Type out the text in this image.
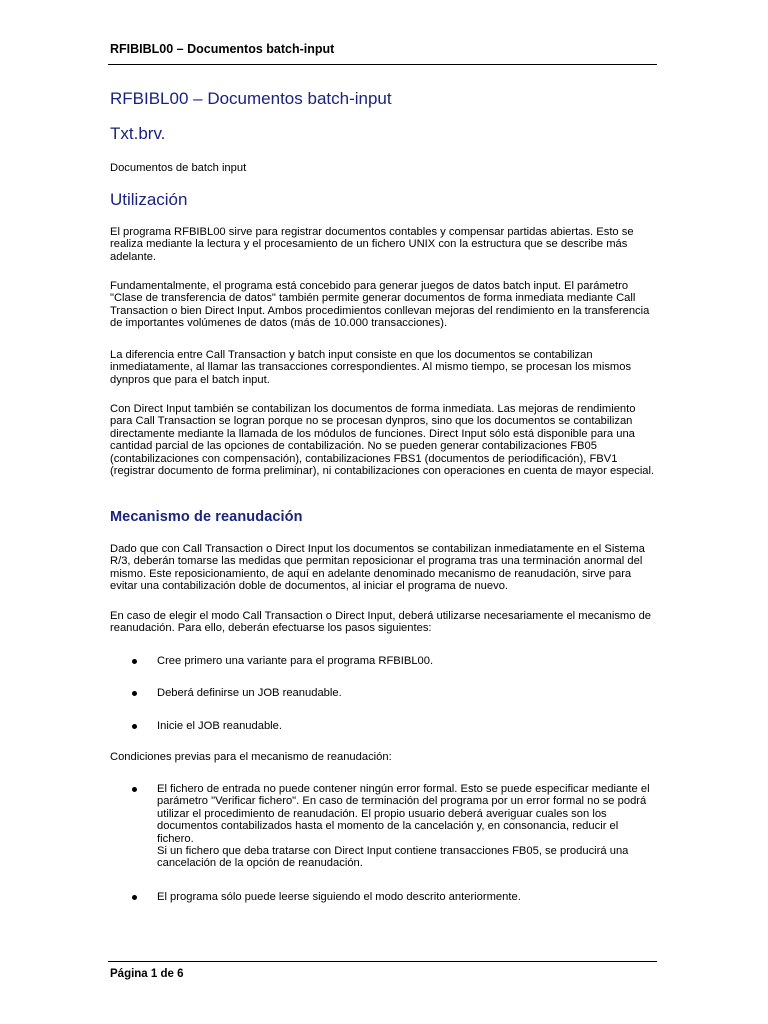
RFIBIBL00 – Documentos batch-input
RFBIBL00 – Documentos batch-input
Txt.brv.

Documentos de batch input

Utilización

El programa RFBIBL00 sirve para registrar documentos contables y compensar partidas abiertas. Esto se realiza mediante la lectura y el procesamiento de un fichero UNIX con la estructura que se describe más adelante.

Fundamentalmente, el programa está concebido para generar juegos de datos batch input. El parámetro "Clase de transferencia de datos" también permite generar documentos de forma inmediata mediante Call Transaction o bien Direct Input. Ambos procedimientos conllevan mejoras del rendimiento en la transferencia de importantes volúmenes de datos (más de 10.000 transacciones).

La diferencia entre Call Transaction y batch input consiste en que los documentos se contabilizan inmediatamente, al llamar las transacciones correspondientes. Al mismo tiempo, se procesan los mismos dynpros que para el batch input.

Con Direct Input también se contabilizan los documentos de forma inmediata. Las mejoras de rendimiento para Call Transaction se logran porque no se procesan dynpros, sino que los documentos se contabilizan directamente mediante la llamada de los módulos de funciones. Direct Input sólo está disponible para una cantidad parcial de las opciones de contabilización. No se pueden generar contabilizaciones FB05 (contabilizaciones con compensación), contabilizaciones FBS1 (documentos de periodificación), FBV1 (registrar documento de forma preliminar), ni contabilizaciones con operaciones en cuenta de mayor especial.

Mecanismo de reanudación

Dado que con Call Transaction o Direct Input los documentos se contabilizan inmediatamente en el Sistema R/3, deberán tomarse las medidas que permitan reposicionar el programa tras una terminación anormal del mismo. Este reposicionamiento, de aquí en adelante denominado mecanismo de reanudación, sirve para evitar una contabilización doble de documentos, al iniciar el programa de nuevo.

En caso de elegir el modo Call Transaction o Direct Input, deberá utilizarse necesariamente el mecanismo de reanudación. Para ello, deberán efectuarse los pasos siguientes:

Cree primero una variante para el programa RFBIBL00.
Deberá definirse un JOB reanudable.
Inicie el JOB reanudable.

Condiciones previas para el mecanismo de reanudación:

El fichero de entrada no puede contener ningún error formal. Esto se puede especificar mediante el parámetro "Verificar fichero". En caso de terminación del programa por un error formal no se podrá utilizar el procedimiento de reanudación. El propio usuario deberá averiguar cuales son los documentos contabilizados hasta el momento de la cancelación y, en consonancia, reducir el fichero.
Si un fichero que deba tratarse con Direct Input contiene transacciones FB05, se producirá una cancelación de la opción de reanudación.
El programa sólo puede leerse siguiendo el modo descrito anteriormente.
Página 1 de 6
